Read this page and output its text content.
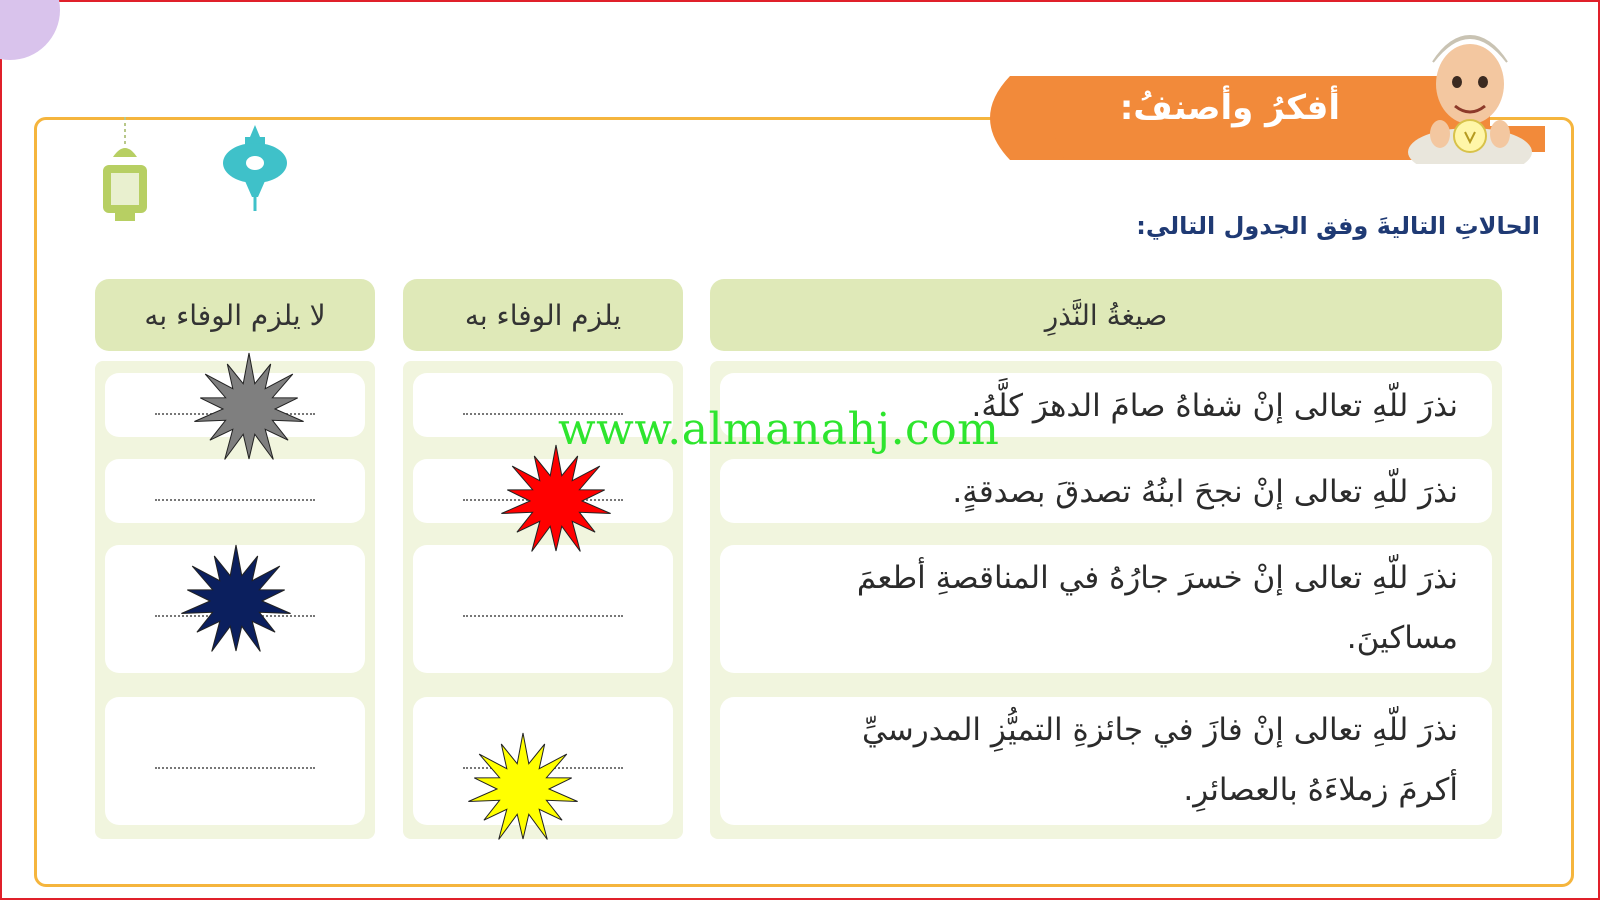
أفكرُ وأصنفُ:
الحالاتِ التاليةَ وفق الجدول التالي:
صيغةُ النَّذرِ
يلزم الوفاء به
لا يلزم الوفاء به
نذرَ للّهِ تعالى إنْ شفاهُ صامَ الدهرَ كلَّهُ.
نذرَ للّهِ تعالى إنْ نجحَ ابنُهُ تصدقَ بصدقةٍ.
نذرَ للّهِ تعالى إنْ خسرَ جارُهُ في المناقصةِ أطعمَ
مساكينَ.
نذرَ للّهِ تعالى إنْ فازَ في جائزةِ التميُّزِ المدرسيِّ
أكرمَ زملاءَهُ بالعصائرِ.
www.almanahj.com
